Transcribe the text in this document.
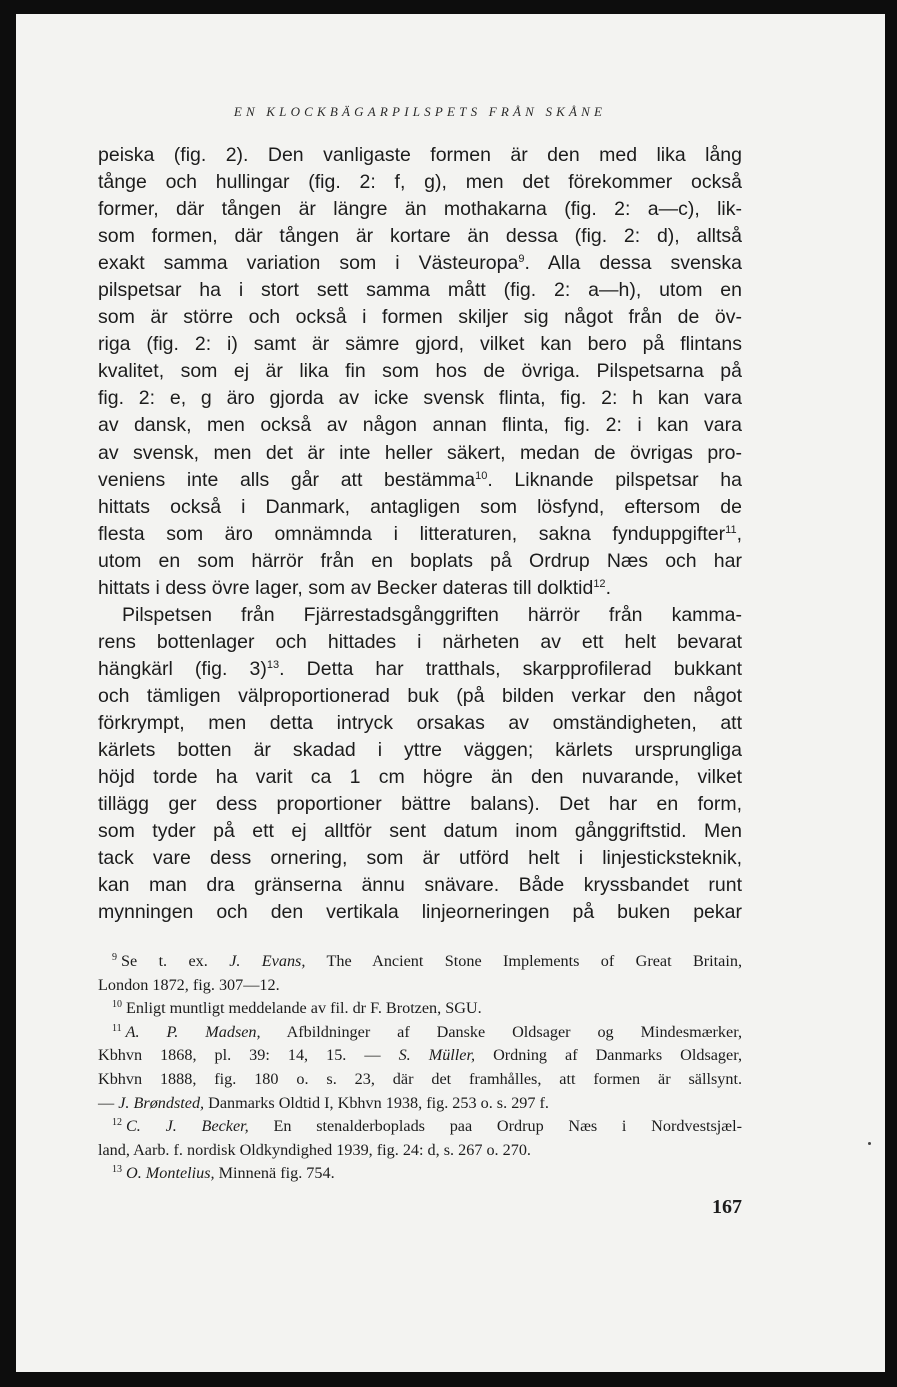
EN KLOCKBÄGARPILSPETS FRÅN SKÅNE
peiska (fig. 2). Den vanligaste formen är den med lika lång
tånge och hullingar (fig. 2: f, g), men det förekommer också
former, där tången är längre än mothakarna (fig. 2: a—c), lik-
som formen, där tången är kortare än dessa (fig. 2: d), alltså
exakt samma variation som i Västeuropa$^9$. Alla dessa svenska
pilspetsar ha i stort sett samma mått (fig. 2: a—h), utom en
som är större och också i formen skiljer sig något från de öv-
riga (fig. 2: i) samt är sämre gjord, vilket kan bero på flintans
kvalitet, som ej är lika fin som hos de övriga. Pilspetsarna på
fig. 2: e, g äro gjorda av icke svensk flinta, fig. 2: h kan vara
av dansk, men också av någon annan flinta, fig. 2: i kan vara
av svensk, men det är inte heller säkert, medan de övrigas pro-
veniens inte alls går att bestämma$^{10}$. Liknande pilspetsar ha
hittats också i Danmark, antagligen som lösfynd, eftersom de
flesta som äro omnämnda i litteraturen, sakna fynduppgifter$^{11}$,
utom en som härrör från en boplats på Ordrup Næs och har
hittats i dess övre lager, som av Becker dateras till dolktid$^{12}$.
Pilspetsen från Fjärrestadsgånggriften härrör från kamma-
rens bottenlager och hittades i närheten av ett helt bevarat
hängkärl (fig. 3)$^{13}$. Detta har tratthals, skarpprofilerad bukkant
och tämligen välproportionerad buk (på bilden verkar den något
förkrympt, men detta intryck orsakas av omständigheten, att
kärlets botten är skadad i yttre väggen; kärlets ursprungliga
höjd torde ha varit ca 1 cm högre än den nuvarande, vilket
tillägg ger dess proportioner bättre balans). Det har en form,
som tyder på ett ej alltför sent datum inom gånggriftstid. Men
tack vare dess ornering, som är utförd helt i linjesticksteknik,
kan man dra gränserna ännu snävare. Både kryssbandet runt
mynningen och den vertikala linjeorneringen på buken pekar
$^9$ Se t. ex. J. Evans, The Ancient Stone Implements of Great Britain,
London 1872, fig. 307—12.
$^{10}$ Enligt muntligt meddelande av fil. dr F. Brotzen, SGU.
$^{11}$ A. P. Madsen, Afbildninger af Danske Oldsager og Mindesmærker,
Kbhvn 1868, pl. 39: 14, 15. — S. Müller, Ordning af Danmarks Oldsager,
Kbhvn 1888, fig. 180 o. s. 23, där det framhålles, att formen är sällsynt.
— J. Brøndsted, Danmarks Oldtid I, Kbhvn 1938, fig. 253 o. s. 297 f.
$^{12}$ C. J. Becker, En stenalderboplads paa Ordrup Næs i Nordvestsjæl-
land, Aarb. f. nordisk Oldkyndighed 1939, fig. 24: d, s. 267 o. 270.
$^{13}$ O. Montelius, Minnenä fig. 754.
167
